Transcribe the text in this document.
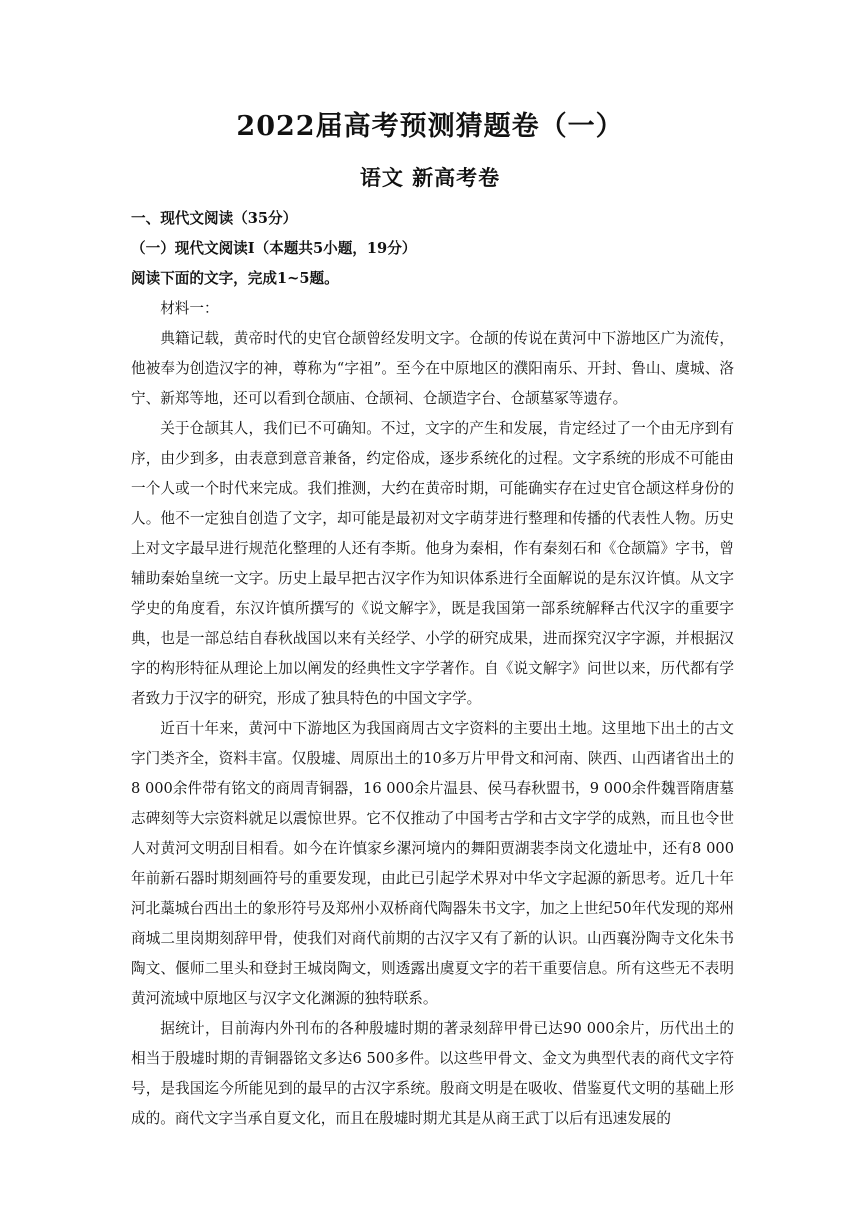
2022届高考预测猜题卷（一）
语文 新高考卷
一、现代文阅读（35分）
（一）现代文阅读Ⅰ（本题共5小题，19分）
阅读下面的文字，完成1~5题。

材料一：

典籍记载，黄帝时代的史官仓颉曾经发明文字。仓颉的传说在黄河中下游地区广为流传，他被奉为创造汉字的神，尊称为“字祖”。至今在中原地区的濮阳南乐、开封、鲁山、虞城、洛宁、新郑等地，还可以看到仓颉庙、仓颉祠、仓颉造字台、仓颉墓冢等遗存。

关于仓颉其人，我们已不可确知。不过，文字的产生和发展，肯定经过了一个由无序到有序，由少到多，由表意到意音兼备，约定俗成，逐步系统化的过程。文字系统的形成不可能由一个人或一个时代来完成。我们推测，大约在黄帝时期，可能确实存在过史官仓颉这样身份的人。他不一定独自创造了文字，却可能是最初对文字萌芽进行整理和传播的代表性人物。历史上对文字最早进行规范化整理的人还有李斯。他身为秦相，作有秦刻石和《仓颉篇》字书，曾辅助秦始皇统一文字。历史上最早把古汉字作为知识体系进行全面解说的是东汉许慎。从文字学史的角度看，东汉许慎所撰写的《说文解字》，既是我国第一部系统解释古代汉字的重要字典，也是一部总结自春秋战国以来有关经学、小学的研究成果，进而探究汉字字源，并根据汉字的构形特征从理论上加以阐发的经典性文字学著作。自《说文解字》问世以来，历代都有学者致力于汉字的研究，形成了独具特色的中国文字学。

近百十年来，黄河中下游地区为我国商周古文字资料的主要出土地。这里地下出土的古文字门类齐全，资料丰富。仅殷墟、周原出土的10多万片甲骨文和河南、陕西、山西诸省出土的8 000余件带有铭文的商周青铜器，16 000余片温县、侯马春秋盟书，9 000余件魏晋隋唐墓志碑刻等大宗资料就足以震惊世界。它不仅推动了中国考古学和古文字学的成熟，而且也令世人对黄河文明刮目相看。如今在许慎家乡漯河境内的舞阳贾湖裴李岗文化遗址中，还有8 000年前新石器时期刻画符号的重要发现，由此已引起学术界对中华文字起源的新思考。近几十年河北藁城台西出土的象形符号及郑州小双桥商代陶器朱书文字，加之上世纪50年代发现的郑州商城二里岗期刻辞甲骨，使我们对商代前期的古汉字又有了新的认识。山西襄汾陶寺文化朱书陶文、偃师二里头和登封王城岗陶文，则透露出虞夏文字的若干重要信息。所有这些无不表明黄河流域中原地区与汉字文化渊源的独特联系。

据统计，目前海内外刊布的各种殷墟时期的著录刻辞甲骨已达90 000余片，历代出土的相当于殷墟时期的青铜器铭文多达6 500多件。以这些甲骨文、金文为典型代表的商代文字符号，是我国迄今所能见到的最早的古汉字系统。殷商文明是在吸收、借鉴夏代文明的基础上形成的。商代文字当承自夏文化，而且在殷墟时期尤其是从商王武丁以后有迅速发展的
